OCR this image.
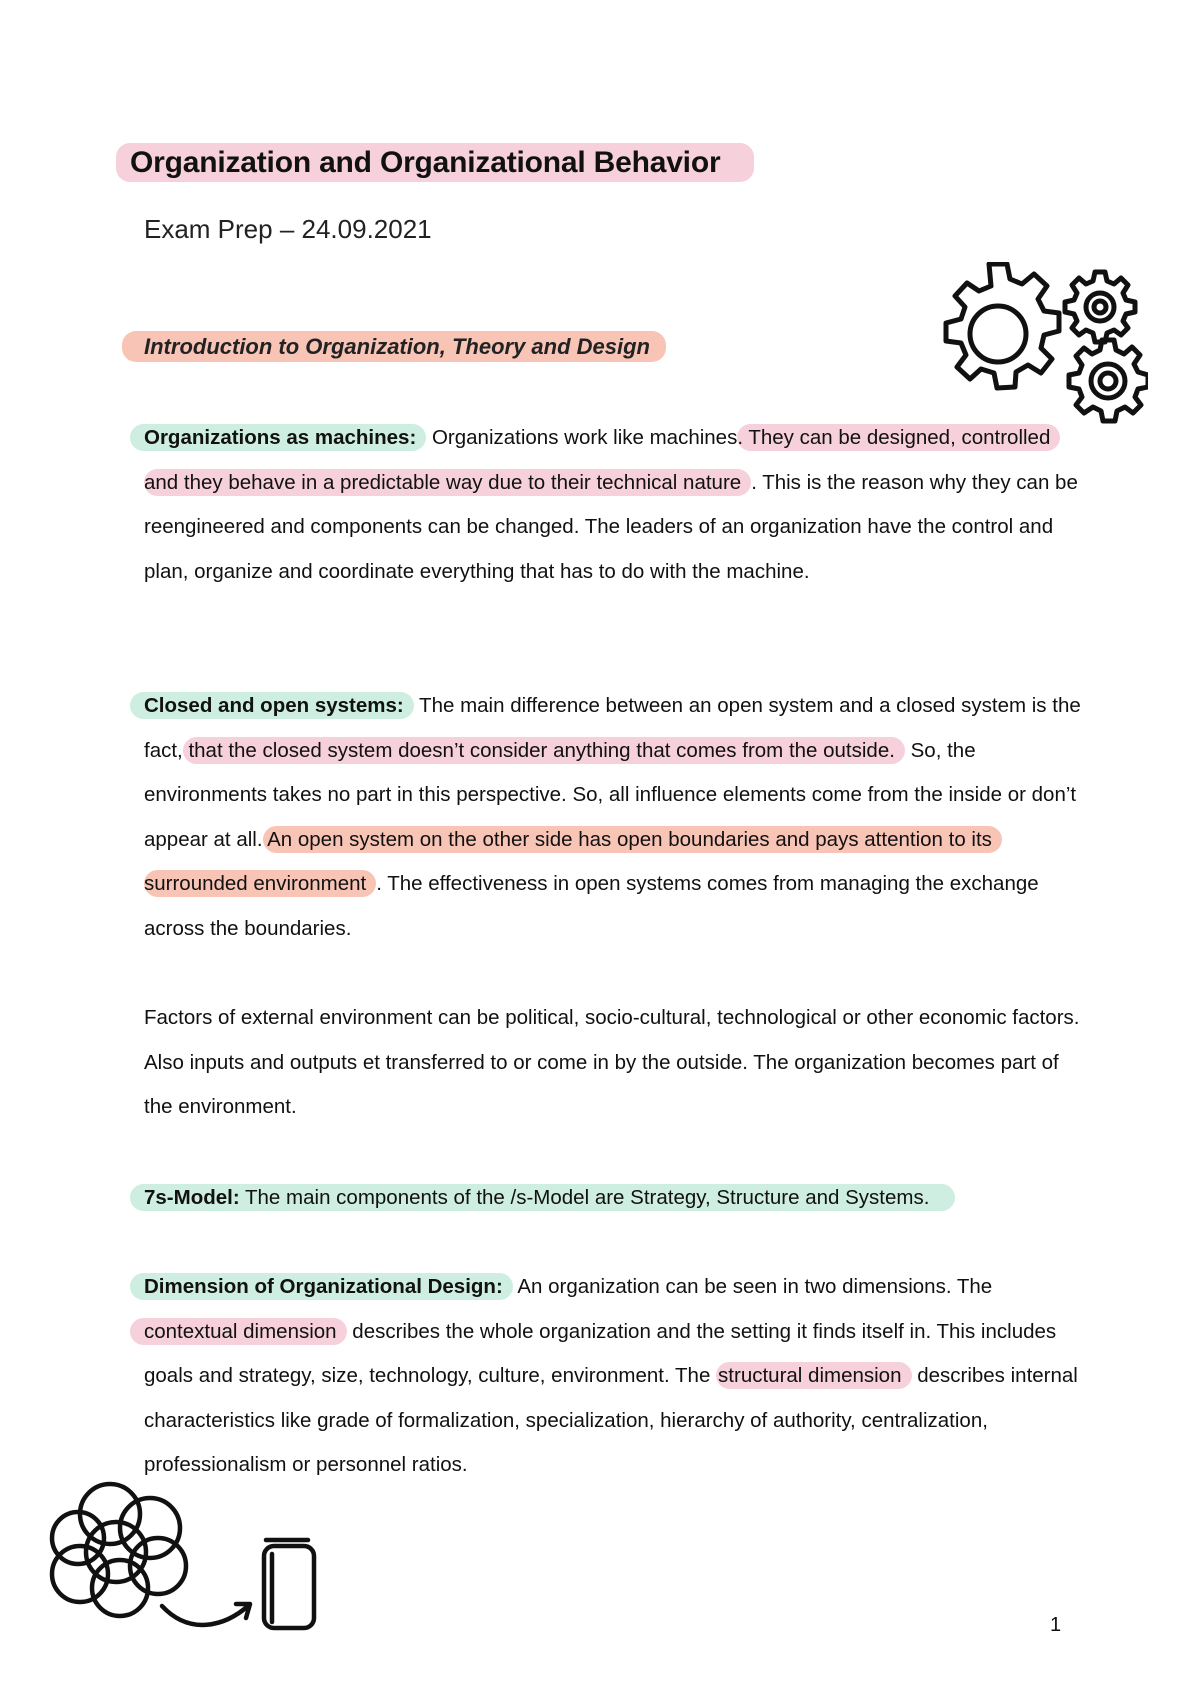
Organization and Organizational Behavior
Exam Prep – 24.09.2021
Introduction to Organization, Theory and Design

Organizations as machines: Organizations work like machines. They can be designed, controlled and they behave in a predictable way due to their technical nature . This is the reason why they can be reengineered and components can be changed. The leaders of an organization have the control and plan, organize and coordinate everything that has to do with the machine.

Closed and open systems: The main difference between an open system and a closed system is the fact, that the closed system doesn’t consider anything that comes from the outside. So, the environments takes no part in this perspective. So, all influence elements come from the inside or don’t appear at all. An open system on the other side has open boundaries and pays attention to its surrounded environment . The effectiveness in open systems comes from managing the exchange across the boundaries.

Factors of external environment can be political, socio-cultural, technological or other economic factors. Also inputs and outputs et transferred to or come in by the outside. The organization becomes part of the environment.

7s-Model: The main components of the /s-Model are Strategy, Structure and Systems.

Dimension of Organizational Design: An organization can be seen in two dimensions. The contextual dimension describes the whole organization and the setting it finds itself in. This includes goals and strategy, size, technology, culture, environment. The structural dimension describes internal characteristics like grade of formalization, specialization, hierarchy of authority, centralization, professionalism or personnel ratios.

1
